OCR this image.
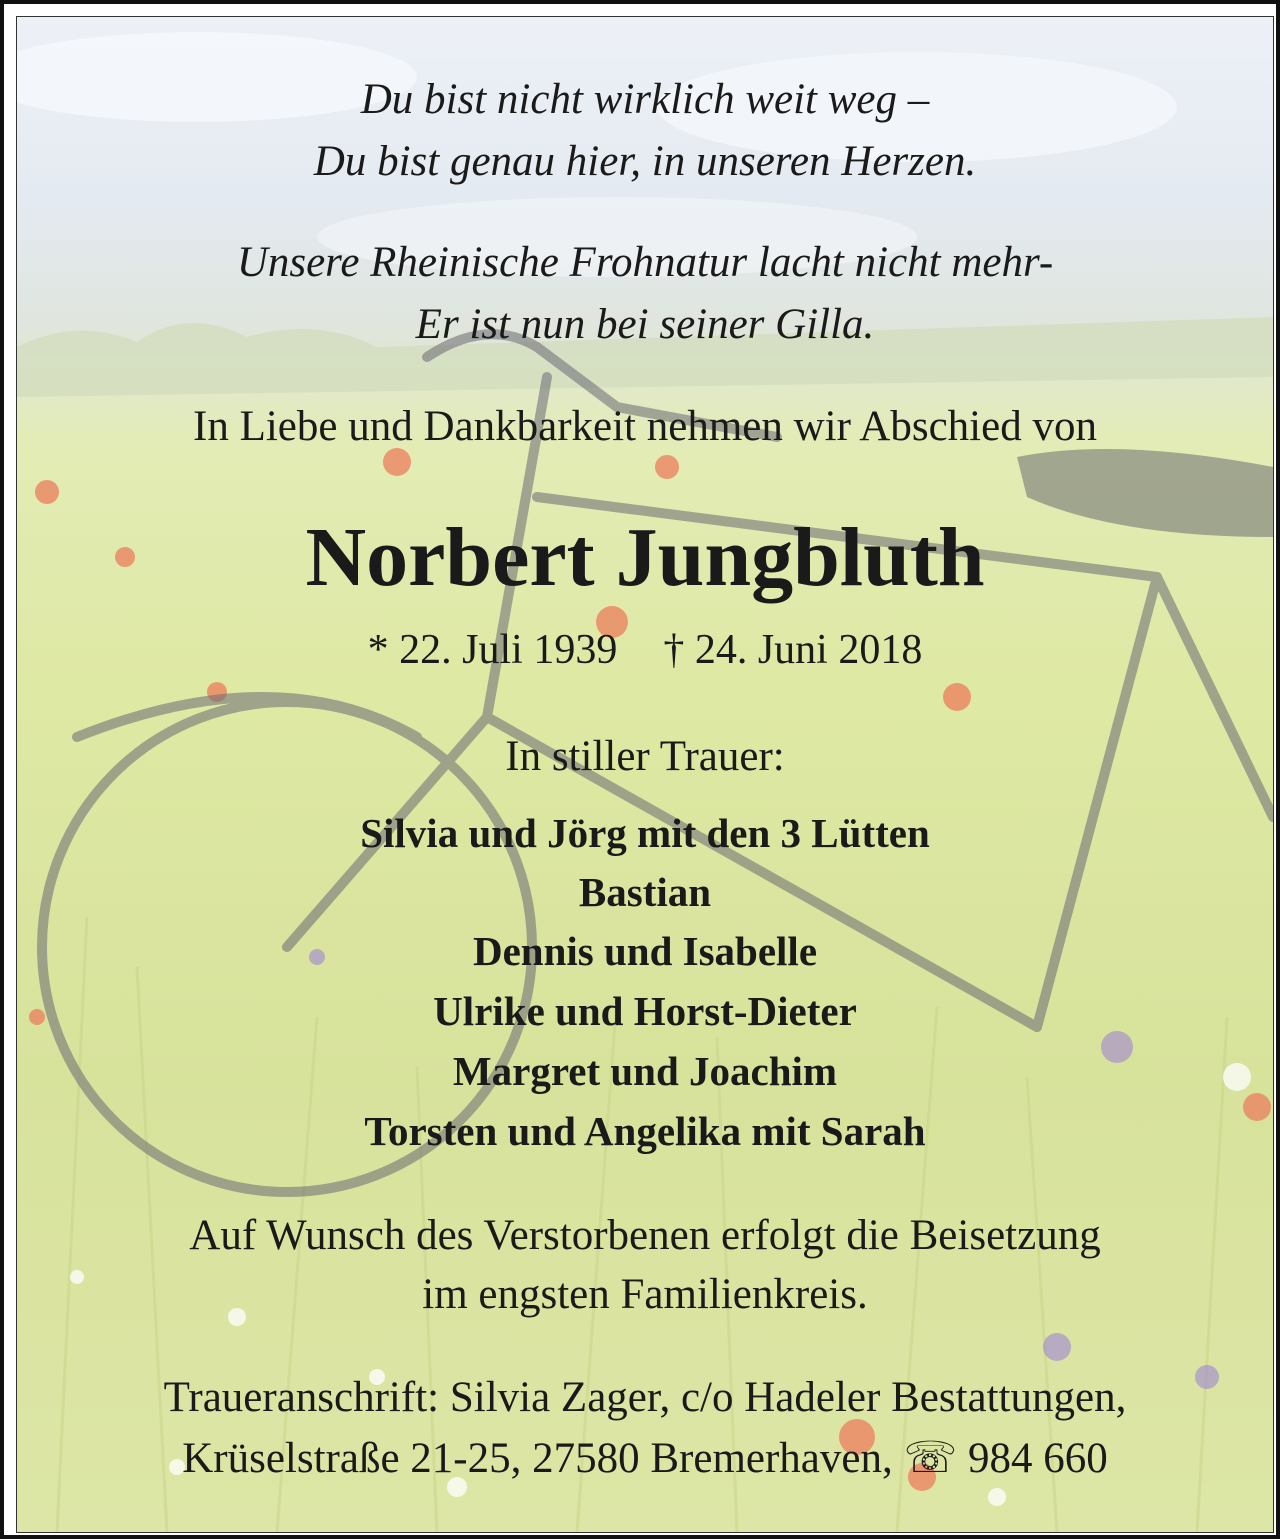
Du bist nicht wirklich weit weg –
Du bist genau hier, in unseren Herzen.
Unsere Rheinische Frohnatur lacht nicht mehr-
Er ist nun bei seiner Gilla.
In Liebe und Dankbarkeit nehmen wir Abschied von
Norbert Jungbluth
* 22. Juli 1939 † 24. Juni 2018
In stiller Trauer:
Silvia und Jörg mit den 3 Lütten
Bastian
Dennis und Isabelle
Ulrike und Horst-Dieter
Margret und Joachim
Torsten und Angelika mit Sarah
Auf Wunsch des Verstorbenen erfolgt die Beisetzung
im engsten Familienkreis.
Traueranschrift: Silvia Zager, c/o Hadeler Bestattungen,
Krüselstraße 21-25, 27580 Bremerhaven, ☏ 984 660
